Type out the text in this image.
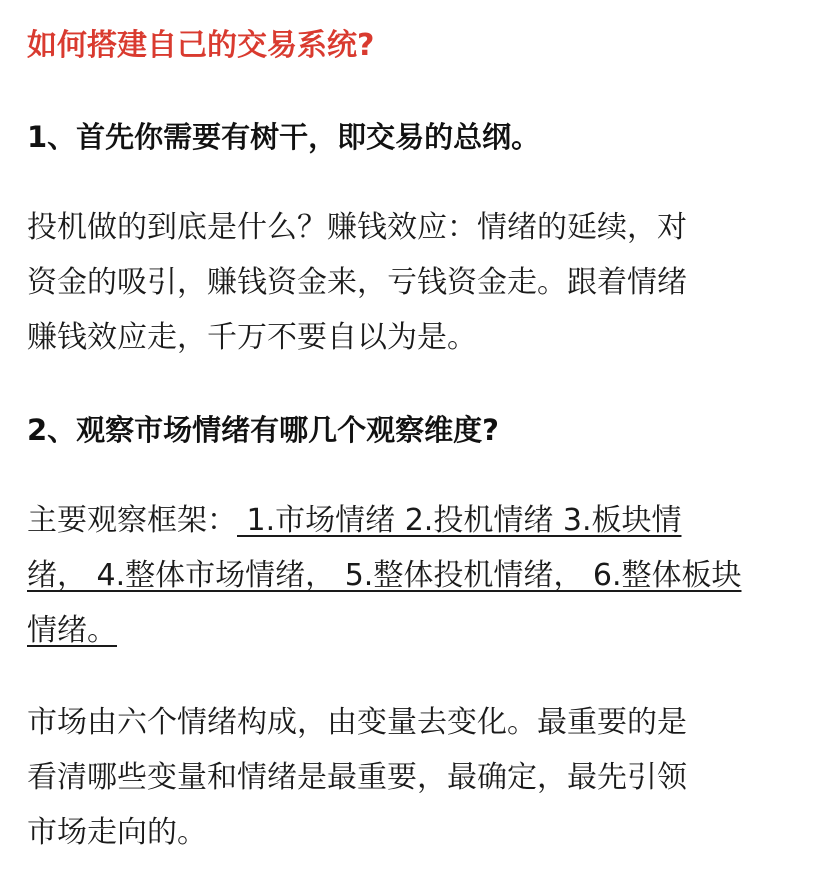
如何搭建自己的交易系统?
1、首先你需要有树干，即交易的总纲。

投机做的到底是什么？赚钱效应：情绪的延续，对
资金的吸引，赚钱资金来，亏钱资金走。跟着情绪
赚钱效应走，千万不要自以为是。

2、观察市场情绪有哪几个观察维度?

主要观察框架： 1.市场情绪 2.投机情绪 3.板块情
绪， 4.整体市场情绪， 5.整体投机情绪， 6.整体板块
情绪。

市场由六个情绪构成，由变量去变化。最重要的是
看清哪些变量和情绪是最重要，最确定，最先引领
市场走向的。
